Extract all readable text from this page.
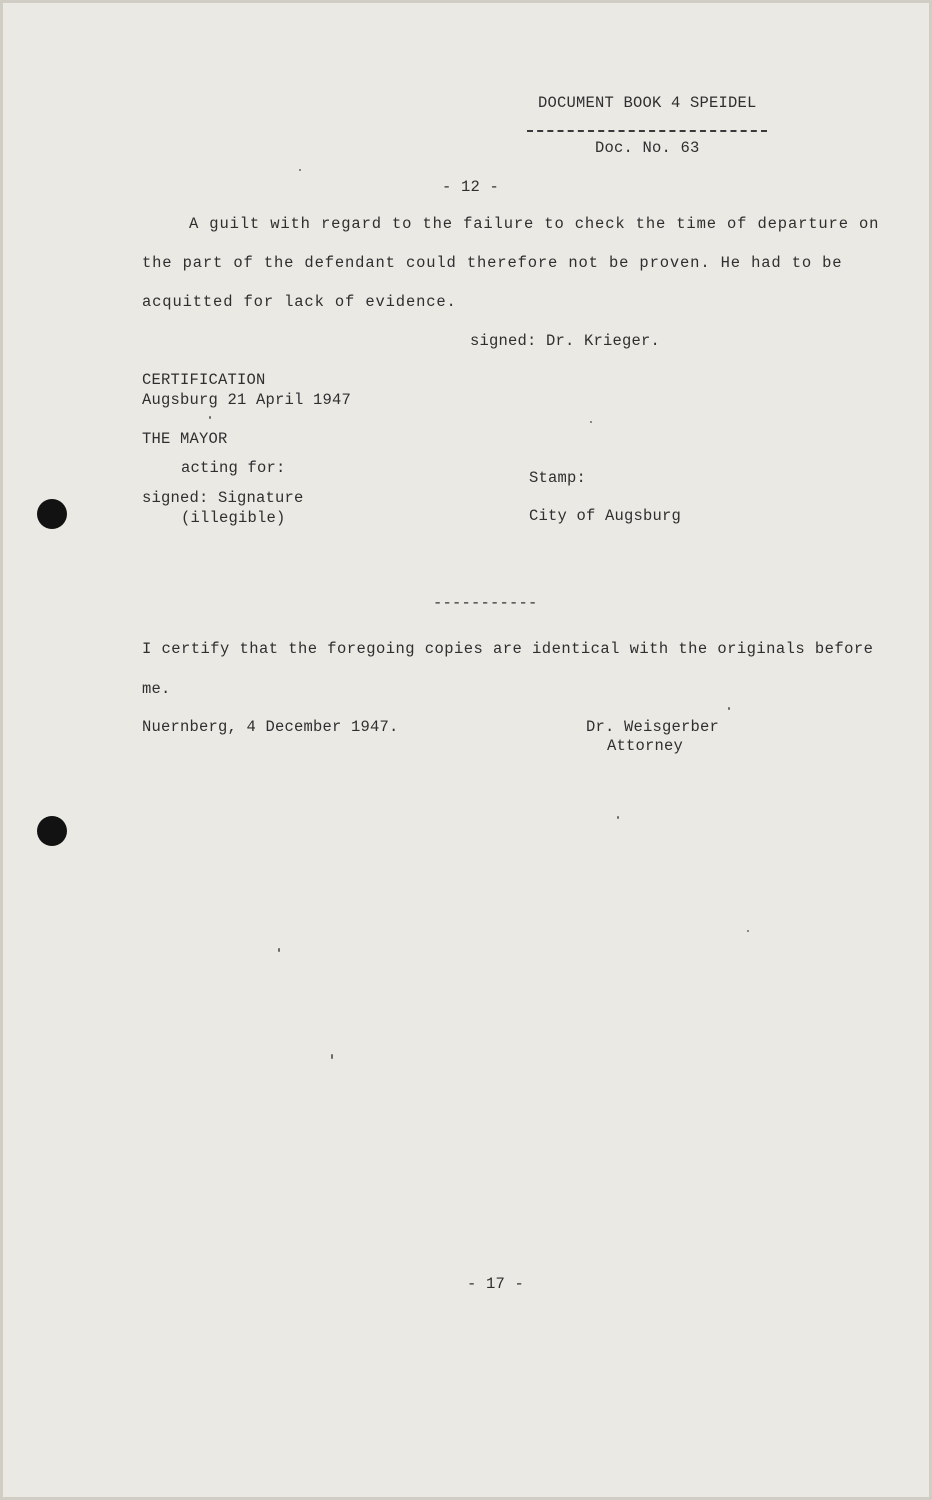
DOCUMENT BOOK 4 SPEIDEL
Doc. No. 63
- 12 -
A guilt with regard to the failure to check the time of departure on
the part of the defendant could therefore not be proven. He had to be
acquitted for lack of evidence.
signed: Dr. Krieger.
CERTIFICATION
Augsburg 21 April 1947
THE MAYOR
acting for:
signed: Signature
(illegible)
Stamp:
City of Augsburg
-----------
I certify that the foregoing copies are identical with the originals before
me.
Nuernberg, 4 December 1947.	Dr. Weisgerber
Attorney
- 17 -
